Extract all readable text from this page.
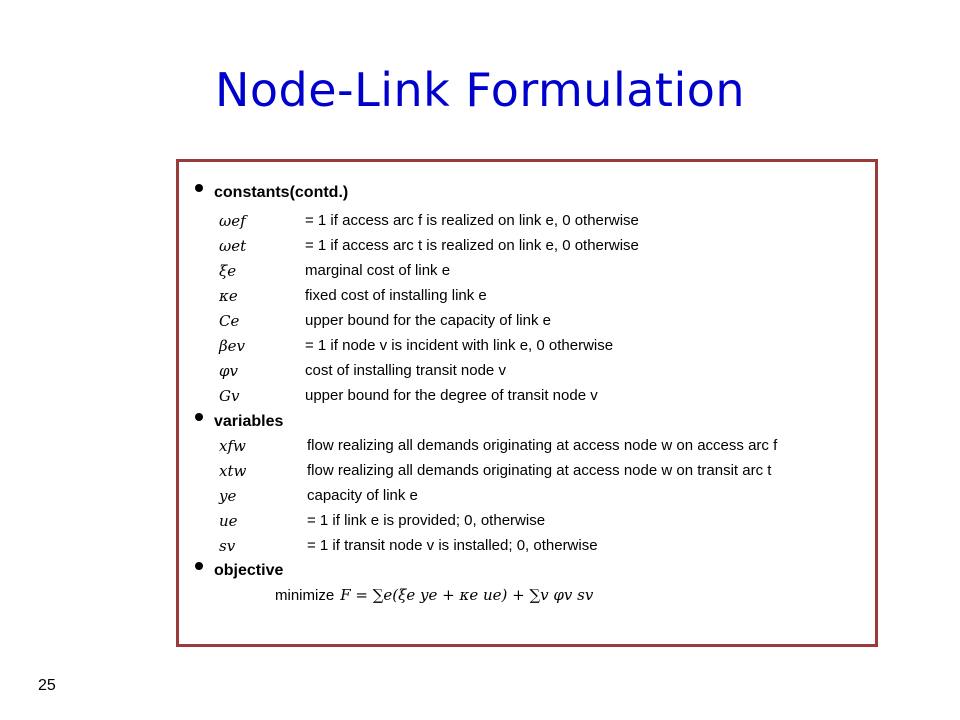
Node-Link Formulation
constants(contd.)
ωef	= 1 if access arc f is realized on link e, 0 otherwise
ωet	= 1 if access arc t is realized on link e, 0 otherwise
ξe	marginal cost of link e
κe	fixed cost of installing link e
Ce	upper bound for the capacity of link e
βev	= 1 if node v is incident with link e, 0 otherwise
φv	cost of installing transit node v
Gv	upper bound for the degree of transit node v
variables
xfw	flow realizing all demands originating at access node w on access arc f
xtw	flow realizing all demands originating at access node w on transit arc t
ye	capacity of link e
ue	= 1 if link e is provided; 0, otherwise
sv	= 1 if transit node v is installed; 0, otherwise
objective
minimize F = ∑e(ξe ye + κe ue) + ∑v φv sv
25
